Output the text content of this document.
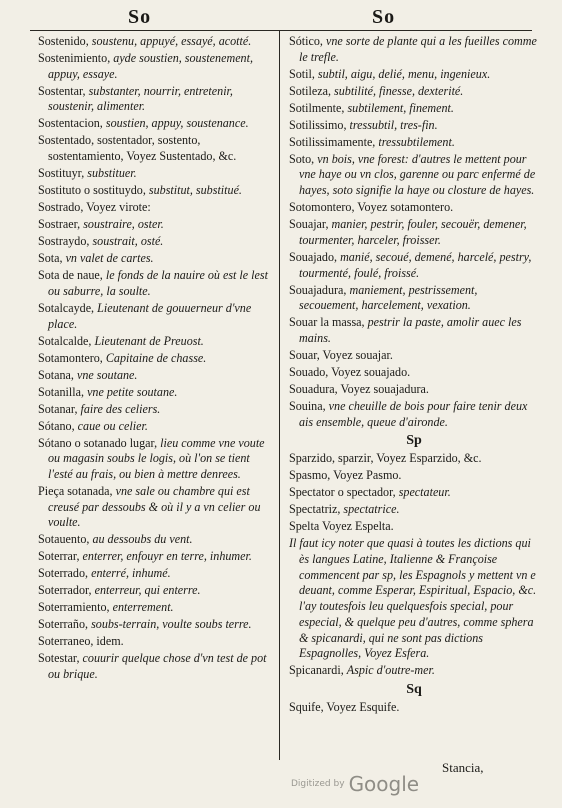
So	So

Sostenido, soustenu, appuyé, essayé, acotté.

Sostenimiento, ayde soustien, soustenement, appuy, essaye.

Sostentar, substanter, nourrir, entretenir, soustenir, alimenter.

Sostentacion, soustien, appuy, soustenance.

Sostentado, sostentador, sostento, sostentamiento, Voyez Sustentado, &c.

Sostituyr, substituer.

Sostituto o sostituydo, substitut, substitué.

Sostrado, Voyez virote:

Sostraer, soustraire, oster.

Sostraydo, soustrait, osté.

Sota, vn valet de cartes.

Sota de naue, le fonds de la nauire où est le lest ou saburre, la soulte.

Sotalcayde, Lieutenant de gouuerneur d'vne place.

Sotalcalde, Lieutenant de Preuost.

Sotamontero, Capitaine de chasse.

Sotana, vne soutane.

Sotanilla, vne petite soutane.

Sotanar, faire des celiers.

Sótano, caue ou celier.

Sótano o sotanado lugar, lieu comme vne voute ou magasin soubs le logis, où l'on se tient l'esté au frais, ou bien à mettre denrees.

Pieça sotanada, vne sale ou chambre qui est creusé par dessoubs & où il y a vn celier ou voulte.

Sotauento, au dessoubs du vent.

Soterrar, enterrer, enfouyr en terre, inhumer.

Soterrado, enterré, inhumé.

Soterrador, enterreur, qui enterre.

Soterramiento, enterrement.

Soterraño, soubs-terrain, voulte soubs terre.

Soterraneo, idem.

Sotestar, couurir quelque chose d'vn test de pot ou brique.

Sótico, vne sorte de plante qui a les fueilles comme le trefle.

Sotil, subtil, aigu, delié, menu, ingenieux.

Sotileza, subtilité, finesse, dexterité.

Sotilmente, subtilement, finement.

Sotilissimo, tressubtil, tres-fin.

Sotilissimamente, tressubtilement.

Soto, vn bois, vne forest: d'autres le mettent pour vne haye ou vn clos, garenne ou parc enfermé de hayes, soto signifie la haye ou closture de hayes.

Sotomontero, Voyez sotamontero.

Souajar, manier, pestrir, fouler, secouër, demener, tourmenter, harceler, froisser.

Souajado, manié, secoué, demené, harcelé, pestry, tourmenté, foulé, froissé.

Souajadura, maniement, pestrissement, secouement, harcelement, vexation.

Souar la massa, pestrir la paste, amolir auec les mains.

Souar, Voyez souajar.

Souado, Voyez souajado.

Souadura, Voyez souajadura.

Souina, vne cheuille de bois pour faire tenir deux ais ensemble, queue d'aironde.

Sp

Sparzido, sparzir, Voyez Esparzido, &c.

Spasmo, Voyez Pasmo.

Spectator o spectador, spectateur.

Spectatriz, spectatrice.

Spelta Voyez Espelta.

Il faut icy noter que quasi à toutes les dictions qui ès langues Latine, Italienne & Françoise commencent par sp, les Espagnols y mettent vn e deuant, comme Esperar, Espiritual, Espacio, &c. l'ay toutesfois leu quelquesfois special, pour especial, & quelque peu d'autres, comme sphera & spicanardi, qui ne sont pas dictions Espagnolles, Voyez Esfera.

Spicanardi, Aspic d'outre-mer.

Sq

Squife, Voyez Esquife.

Stancia,
Digitized by Google
